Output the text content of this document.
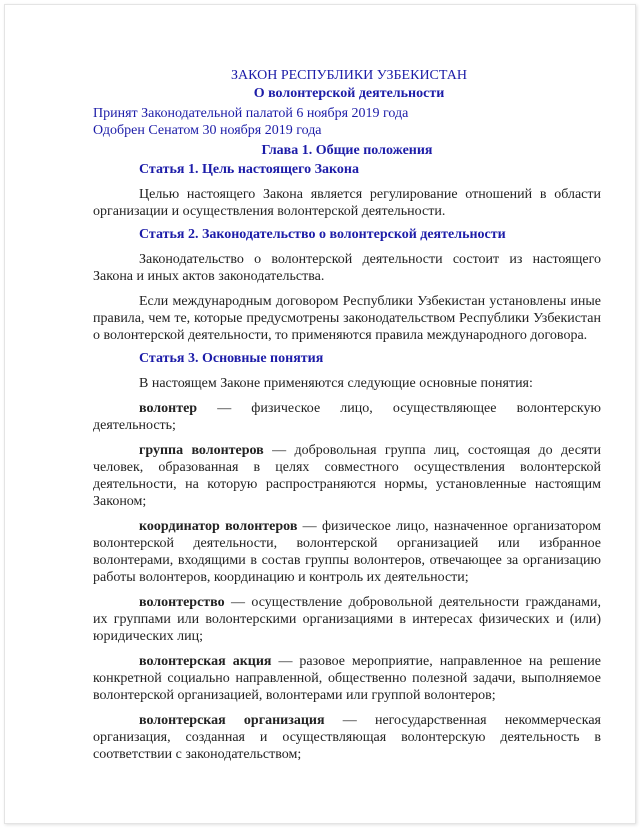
ЗАКОН РЕСПУБЛИКИ УЗБЕКИСТАН
О волонтерской деятельности
Принят Законодательной палатой 6 ноября 2019 года
Одобрен Сенатом 30 ноября 2019 года
Глава 1. Общие положения
Статья 1. Цель настоящего Закона

Целью настоящего Закона является регулирование отношений в области организации и осуществления волонтерской деятельности.

Статья 2. Законодательство о волонтерской деятельности

Законодательство о волонтерской деятельности состоит из настоящего Закона и иных актов законодательства.

Если международным договором Республики Узбекистан установлены иные правила, чем те, которые предусмотрены законодательством Республики Узбекистан о волонтерской деятельности, то применяются правила международного договора.

Статья 3. Основные понятия

В настоящем Законе применяются следующие основные понятия:

волонтер — физическое лицо, осуществляющее волонтерскую деятельность;

группа волонтеров — добровольная группа лиц, состоящая до десяти человек, образованная в целях совместного осуществления волонтерской деятельности, на которую распространяются нормы, установленные настоящим Законом;

координатор волонтеров — физическое лицо, назначенное организатором волонтерской деятельности, волонтерской организацией или избранное волонтерами, входящими в состав группы волонтеров, отвечающее за организацию работы волонтеров, координацию и контроль их деятельности;

волонтерство — осуществление добровольной деятельности гражданами, их группами или волонтерскими организациями в интересах физических и (или) юридических лиц;

волонтерская акция — разовое мероприятие, направленное на решение конкретной социально направленной, общественно полезной задачи, выполняемое волонтерской организацией, волонтерами или группой волонтеров;

волонтерская организация — негосударственная некоммерческая организация, созданная и осуществляющая волонтерскую деятельность в соответствии с законодательством;
